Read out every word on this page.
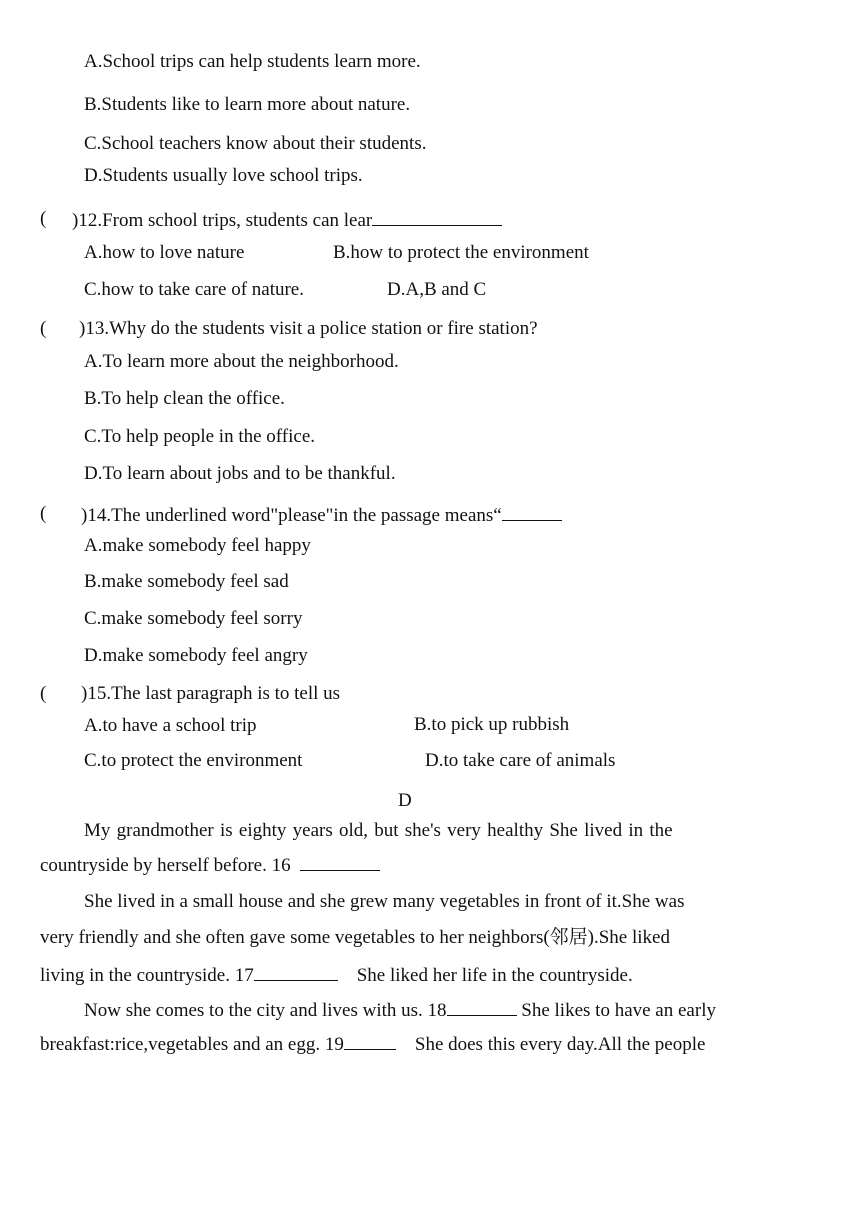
A.School trips can help students learn more.
B.Students like to learn more about nature.
C.School teachers know about their students.
D.Students usually love school trips.
( )12.From school trips, students can lear
A.how to love nature	B.how to protect the environment
C.how to take care of nature.	D.A,B and C
( )13.Why do the students visit a police station or fire station?
A.To learn more about the neighborhood.
B.To help clean the office.
C.To help people in the office.
D.To learn about jobs and to be thankful.
( )14.The underlined word"please"in the passage means“
A.make somebody feel happy
B.make somebody feel sad
C.make somebody feel sorry
D.make somebody feel angry
( )15.The last paragraph is to tell us
A.to have a school trip	B.to pick up rubbish
C.to protect the environment	D.to take care of animals
D
My grandmother is eighty years old, but she's very healthy She lived in the
countryside by herself before. 16
She lived in a small house and she grew many vegetables in front of it.She was
very friendly and she often gave some vegetables to her neighbors(邻居).She liked
living in the countryside. 17	She liked her life in the countryside.
Now she comes to the city and lives with us. 18	She likes to have an early
breakfast:rice,vegetables and an egg. 19	She does this every day.All the people
